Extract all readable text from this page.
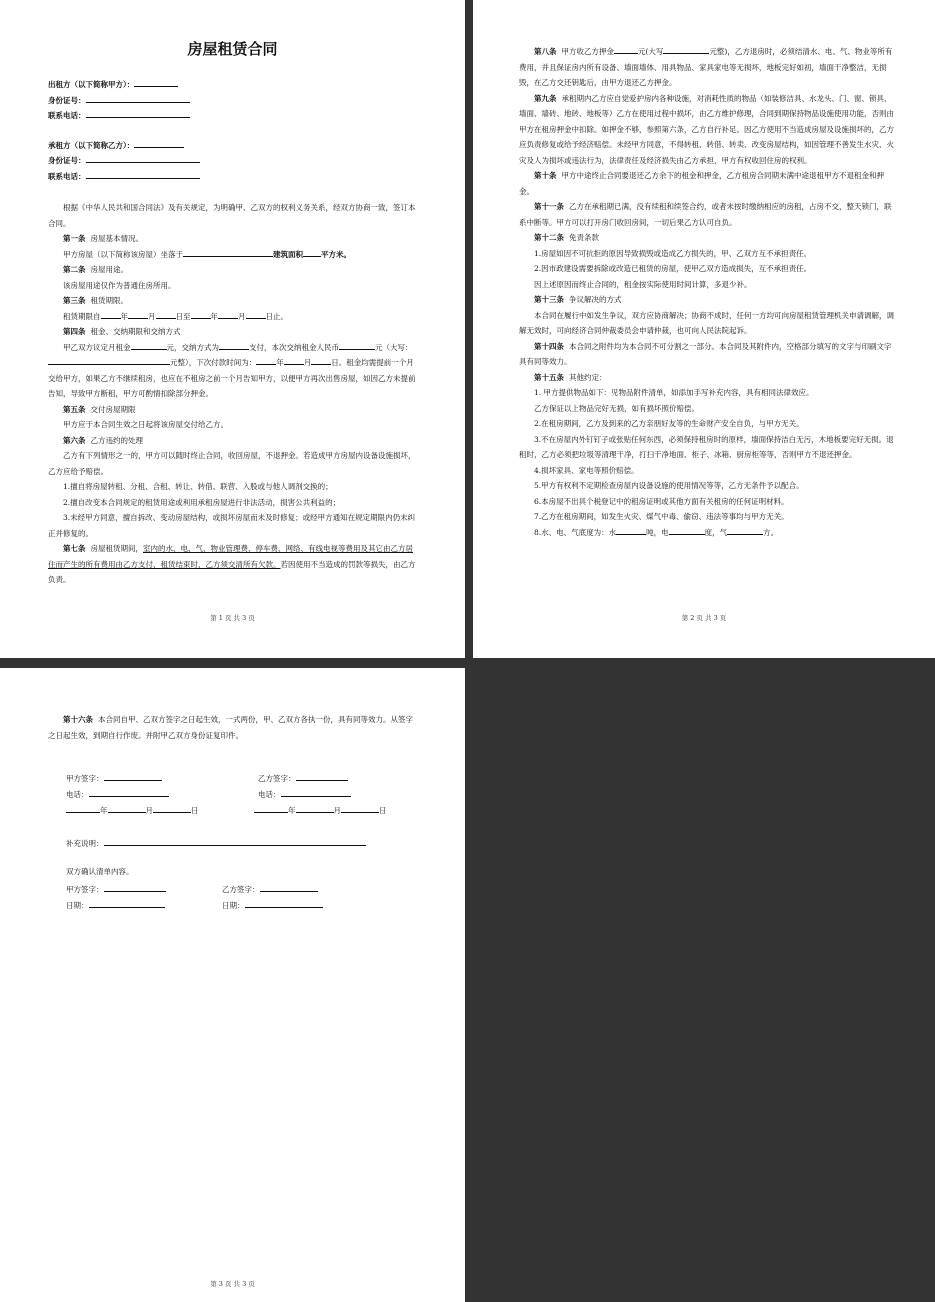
房屋租赁合同

出租方（以下简称甲方）：

身份证号：

联系电话：

承租方（以下简称乙方）：

身份证号：

联系电话：

根据《中华人民共和国合同法》及有关规定，为明确甲、乙双方的权利义务关系，经双方协商一致，签订本合同。

第一条 房屋基本情况。

甲方房屋（以下简称该房屋）坐落于	建筑面积 平方米。

第二条 房屋用途。

该房屋用途仅作为普通住房所用。

第三条 租赁期限。

租赁期限自	年	月	日至	年	月	日止。

第四条 租金、交纳期限和交纳方式

甲乙双方议定月租金	元，交纳方式为	支付，本次交纳租金人民币	元（大写：元整），下次付款时间为：	年	月	日。租金均需提前一个月交给甲方，如果乙方不继续租房，也应在不租房之前一个月告知甲方，以便甲方再次出售房屋，如因乙方未提前告知，导致甲方断租，甲方可酌情扣除部分押金。

第五条 交付房屋期限

甲方应于本合同生效之日起将该房屋交付给乙方。

第六条 乙方违约的处理

乙方有下列情形之一的，甲方可以随时终止合同，收回房屋，不退押金。若造成甲方房屋内设备设施损坏，乙方应给予赔偿。

1.擅自将房屋转租、分租、合租、转让、转借、联营、入股或与他人调剂交换的；

2.擅自改变本合同规定的租赁用途或利用承租房屋进行非法活动，损害公共利益的；

3.未经甲方同意，擅自拆改、变动房屋结构，或损坏房屋而未及时修复；或经甲方通知在规定期限内仍未纠正并修复的。

第七条 房屋租赁期间，室内的水、电、气、物业管理费、停车费、网络、有线电视等费用及其它由乙方居住而产生的所有费用由乙方支付，租赁结束时，乙方须交清所有欠款。若因使用不当造成的罚款等损失，由乙方负责。

第 1 页 共 3 页

第八条 甲方收乙方押金	元(大写	元整)，乙方退房时，必须结清水、电、气、物业等所有费用，并且保证房内所有设备、墙面墙体、用具物品、家具家电等无损坏，地板完好如初，墙面干净整洁，无损毁，在乙方交还钥匙后，由甲方退还乙方押金。

第九条 承租期内乙方应自觉爱护房内各种设施，对消耗性质的物品（如装修洁具、水龙头、门、窗、锁具、墙面、墙砖、地砖、地板等）乙方在使用过程中损坏，由乙方维护修理，合同到期保持物品设施使用功能，否则由甲方在租房押金中扣除。如押金不够，参照第六条，乙方自行补足。因乙方使用不当造成房屋及设施损坏的，乙方应负责修复或给予经济赔偿。未经甲方同意，不得转租、转借、转卖、改变房屋结构，如因管理不善发生水灾、火灾及人为损坏或违法行为，法律责任及经济损失由乙方承担，甲方有权收回住房的权利。

第十条 甲方中途终止合同要退还乙方余下的租金和押金，乙方租房合同期未满中途退租甲方不退租金和押金。

第十一条 乙方在承租期已满，没有续租和续签合约，或者未按时缴纳相应的房租，占房不交，整天锁门，联系中断等。甲方可以打开房门收回房间，一切后果乙方认可自负。

第十二条 免责条款

1.房屋如因不可抗拒的原因导致损毁或造成乙方损失的，甲、乙双方互不承担责任。

2.因市政建设需要拆除或改造已租赁的房屋，使甲乙双方造成损失，互不承担责任。

因上述原因而终止合同的，租金按实际使用时间计算，多退少补。

第十三条 争议解决的方式

本合同在履行中如发生争议，双方应协商解决；协商不成时，任何一方均可向房屋租赁管理机关申请调解，调解无效时，可向经济合同仲裁委员会申请仲裁，也可向人民法院起诉。

第十四条 本合同之附件均为本合同不可分割之一部分。本合同及其附件内，空格部分填写的文字与印刷文字具有同等效力。

第十五条 其他约定：

1. 甲方提供物品如下：见物品附件清单，如添加手写补充内容，具有相同法律效应。

乙方保证以上物品完好无损，如有损坏照价赔偿。

2.在租房期间，乙方及到来的乙方亲朋好友等的生命财产安全自负，与甲方无关。

3.不在房屋内外钉钉子或张贴任何东西，必须保持租房时的原样，墙面保持洁白无污，木地板要完好无损。退租时，乙方必须把垃圾等清理干净，打扫干净地面、柜子、冰箱、厨房柜等等，否则甲方不退还押金。

4.损坏家具、家电等照价赔偿。

5.甲方有权利不定期检查房屋内设备设施的使用情况等等，乙方无条件予以配合。

6.本房屋不出具个税登记中的租房证明或其他方面有关租房的任何证明材料。

7.乙方在租房期间，如发生火灾、煤气中毒、偷窃、违法等事均与甲方无关。

8.水、电、气底度为：水	吨，电	度，气	方。

第 2 页 共 3 页

第十六条 本合同自甲、乙双方签字之日起生效，一式两份，甲、乙双方各执一份，具有同等效力。从签字之日起生效，到期自行作废。并附甲乙双方身份证复印件。

甲方签字：	乙方签字：
电话：	电话：
年	月	日	年	月	日
补充说明：
双方确认清单内容。
甲方签字：	乙方签字：
日期：	日期：
第 3 页 共 3 页
